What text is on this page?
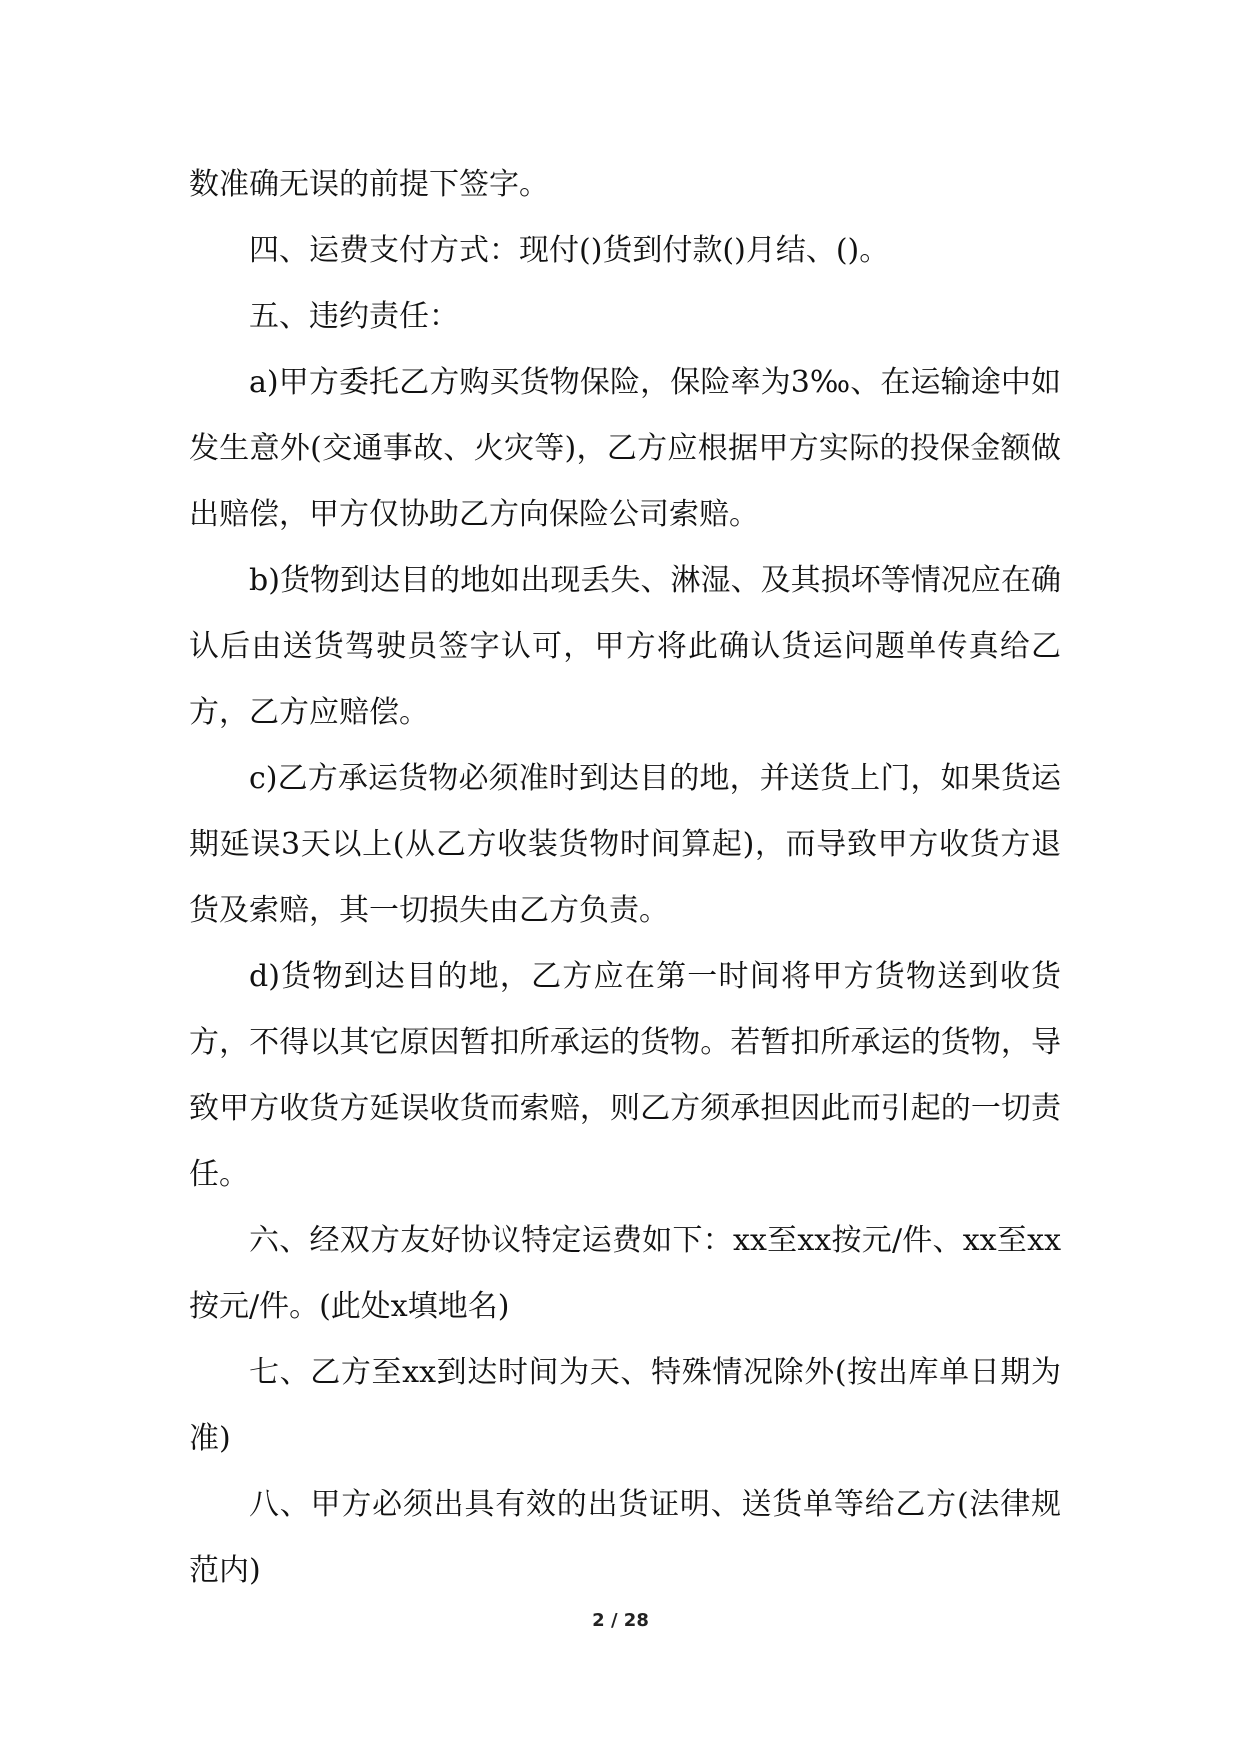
数准确无误的前提下签字。

四、运费支付方式：现付()货到付款()月结、()。

五、违约责任：

a)甲方委托乙方购买货物保险，保险率为3‰、在运输途中如发生意外(交通事故、火灾等)，乙方应根据甲方实际的投保金额做出赔偿，甲方仅协助乙方向保险公司索赔。

b)货物到达目的地如出现丢失、淋湿、及其损坏等情况应在确认后由送货驾驶员签字认可，甲方将此确认货运问题单传真给乙方，乙方应赔偿。

c)乙方承运货物必须准时到达目的地，并送货上门，如果货运期延误3天以上(从乙方收装货物时间算起)，而导致甲方收货方退货及索赔，其一切损失由乙方负责。

d)货物到达目的地，乙方应在第一时间将甲方货物送到收货方，不得以其它原因暂扣所承运的货物。若暂扣所承运的货物，导致甲方收货方延误收货而索赔，则乙方须承担因此而引起的一切责任。

六、经双方友好协议特定运费如下：xx至xx按元/件、xx至xx按元/件。(此处x填地名)

七、乙方至xx到达时间为天、特殊情况除外(按出库单日期为准)

八、甲方必须出具有效的出货证明、送货单等给乙方(法律规范内)

2 / 28
